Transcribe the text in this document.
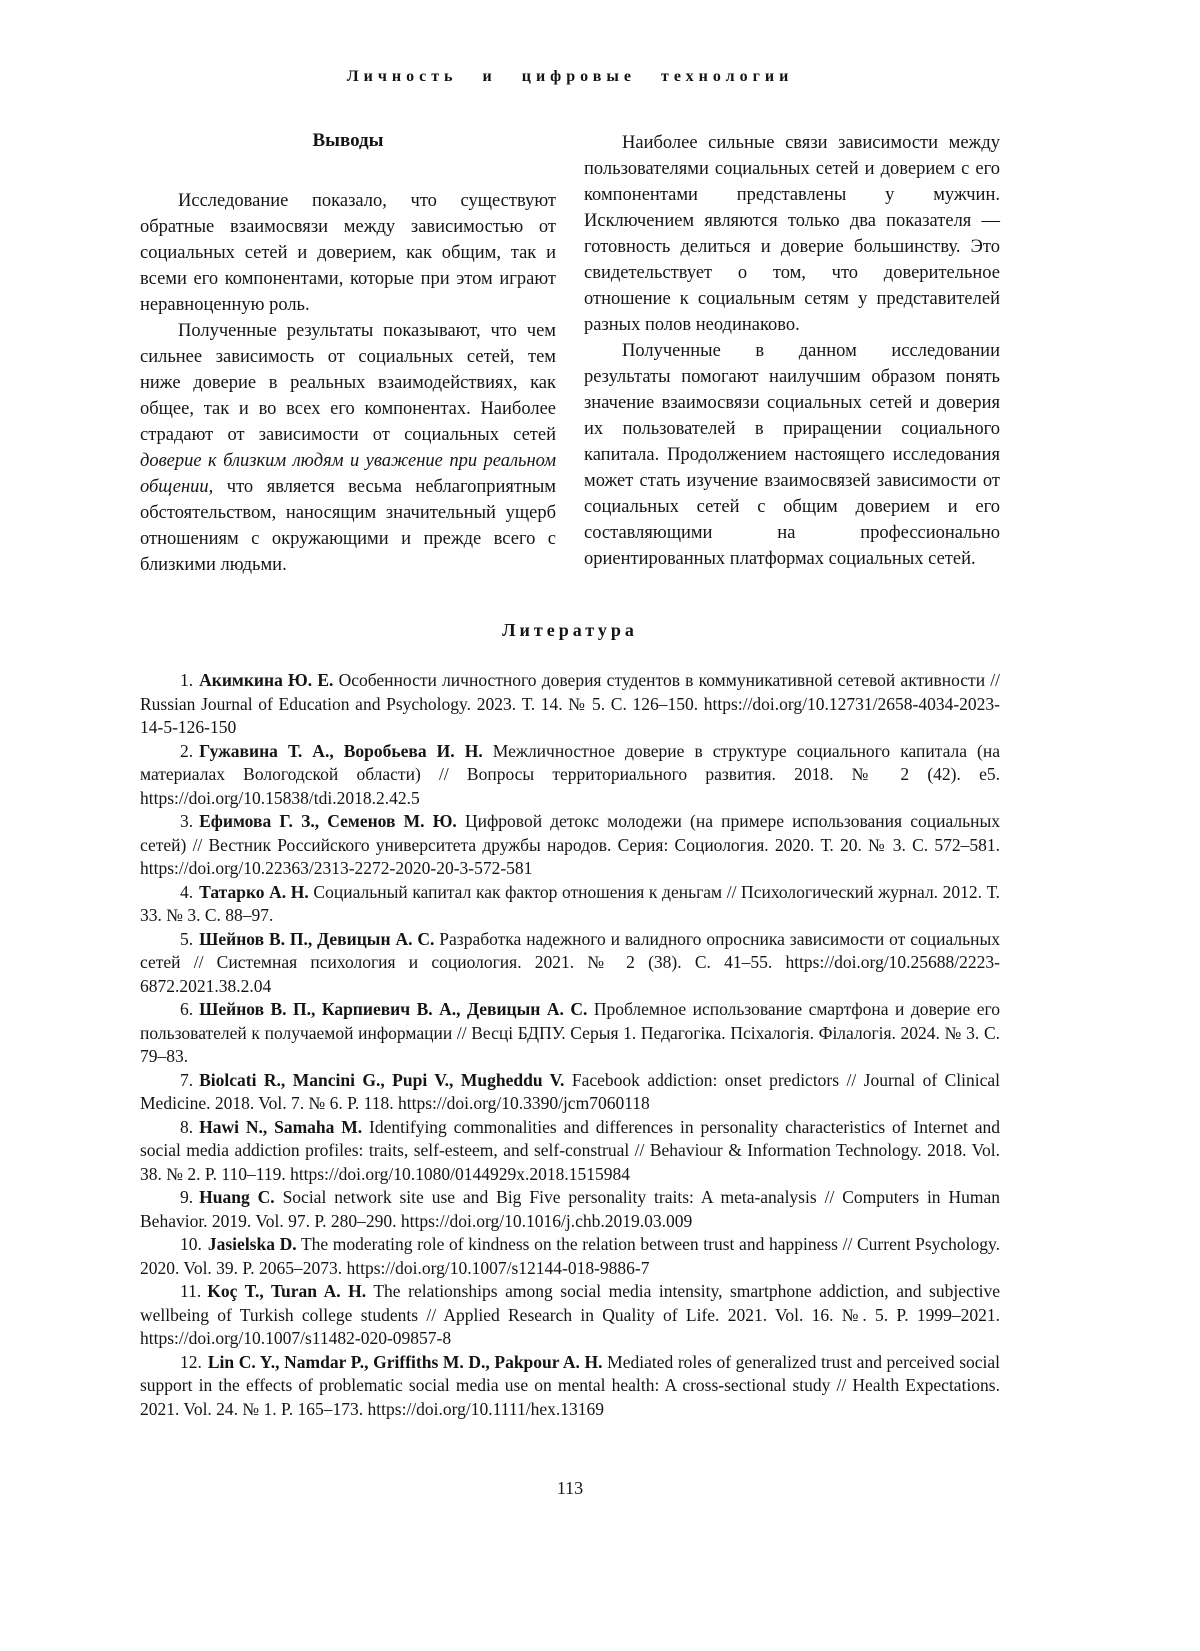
Личность и цифровые технологии
Выводы

Исследование показало, что существуют обратные взаимосвязи между зависимостью от социальных сетей и доверием, как общим, так и всеми его компонентами, которые при этом играют неравноценную роль.

Полученные результаты показывают, что чем сильнее зависимость от социальных сетей, тем ниже доверие в реальных взаимодействиях, как общее, так и во всех его компонентах. Наиболее страдают от зависимости от социальных сетей доверие к близким людям и уважение при реальном общении, что является весьма неблагоприятным обстоятельством, наносящим значительный ущерб отношениям с окружающими и прежде всего с близкими людьми.

Наиболее сильные связи зависимости между пользователями социальных сетей и доверием с его компонентами представлены у мужчин. Исключением являются только два показателя — готовность делиться и доверие большинству. Это свидетельствует о том, что доверительное отношение к социальным сетям у представителей разных полов неодинаково.

Полученные в данном исследовании результаты помогают наилучшим образом понять значение взаимосвязи социальных сетей и доверия их пользователей в приращении социального капитала. Продолжением настоящего исследования может стать изучение взаимосвязей зависимости от социальных сетей с общим доверием и его составляющими на профессионально ориентированных платформах социальных сетей.

Литература

1. Акимкина Ю. Е. Особенности личностного доверия студентов в коммуникативной сетевой активности // Russian Journal of Education and Psychology. 2023. Т. 14. № 5. С. 126–150. https://doi.org/10.12731/2658-4034-2023-14-5-126-150

2. Гужавина Т. А., Воробьева И. Н. Межличностное доверие в структуре социального капитала (на материалах Вологодской области) // Вопросы территориального развития. 2018. № 2 (42). e5. https://doi.org/10.15838/tdi.2018.2.42.5

3. Ефимова Г. З., Семенов М. Ю. Цифровой детокс молодежи (на примере использования социальных сетей) // Вестник Российского университета дружбы народов. Серия: Социология. 2020. Т. 20. № 3. С. 572–581. https://doi.org/10.22363/2313-2272-2020-20-3-572-581

4. Татарко А. Н. Социальный капитал как фактор отношения к деньгам // Психологический журнал. 2012. Т. 33. № 3. С. 88–97.

5. Шейнов В. П., Девицын А. С. Разработка надежного и валидного опросника зависимости от социальных сетей // Системная психология и социология. 2021. № 2 (38). С. 41–55. https://doi.org/10.25688/2223-6872.2021.38.2.04

6. Шейнов В. П., Карпиевич В. А., Девицын А. С. Проблемное использование смартфона и доверие его пользователей к получаемой информации // Весці БДПУ. Серыя 1. Педагогіка. Псіхалогія. Філалогія. 2024. № 3. С. 79–83.

7. Biolcati R., Mancini G., Pupi V., Mugheddu V. Facebook addiction: onset predictors // Journal of Clinical Medicine. 2018. Vol. 7. № 6. P. 118. https://doi.org/10.3390/jcm7060118

8. Hawi N., Samaha M. Identifying commonalities and differences in personality characteristics of Internet and social media addiction profiles: traits, self-esteem, and self-construal // Behaviour & Information Technology. 2018. Vol. 38. № 2. P. 110–119. https://doi.org/10.1080/0144929x.2018.1515984

9. Huang C. Social network site use and Big Five personality traits: A meta-analysis // Computers in Human Behavior. 2019. Vol. 97. P. 280–290. https://doi.org/10.1016/j.chb.2019.03.009

10. Jasielska D. The moderating role of kindness on the relation between trust and happiness // Current Psychology. 2020. Vol. 39. P. 2065–2073. https://doi.org/10.1007/s12144-018-9886-7

11. Koç T., Turan A. H. The relationships among social media intensity, smartphone addiction, and subjective wellbeing of Turkish college students // Applied Research in Quality of Life. 2021. Vol. 16. №. 5. P. 1999–2021. https://doi.org/10.1007/s11482-020-09857-8

12. Lin C. Y., Namdar P., Griffiths M. D., Pakpour A. H. Mediated roles of generalized trust and perceived social support in the effects of problematic social media use on mental health: A cross-sectional study // Health Expectations. 2021. Vol. 24. № 1. P. 165–173. https://doi.org/10.1111/hex.13169

113
